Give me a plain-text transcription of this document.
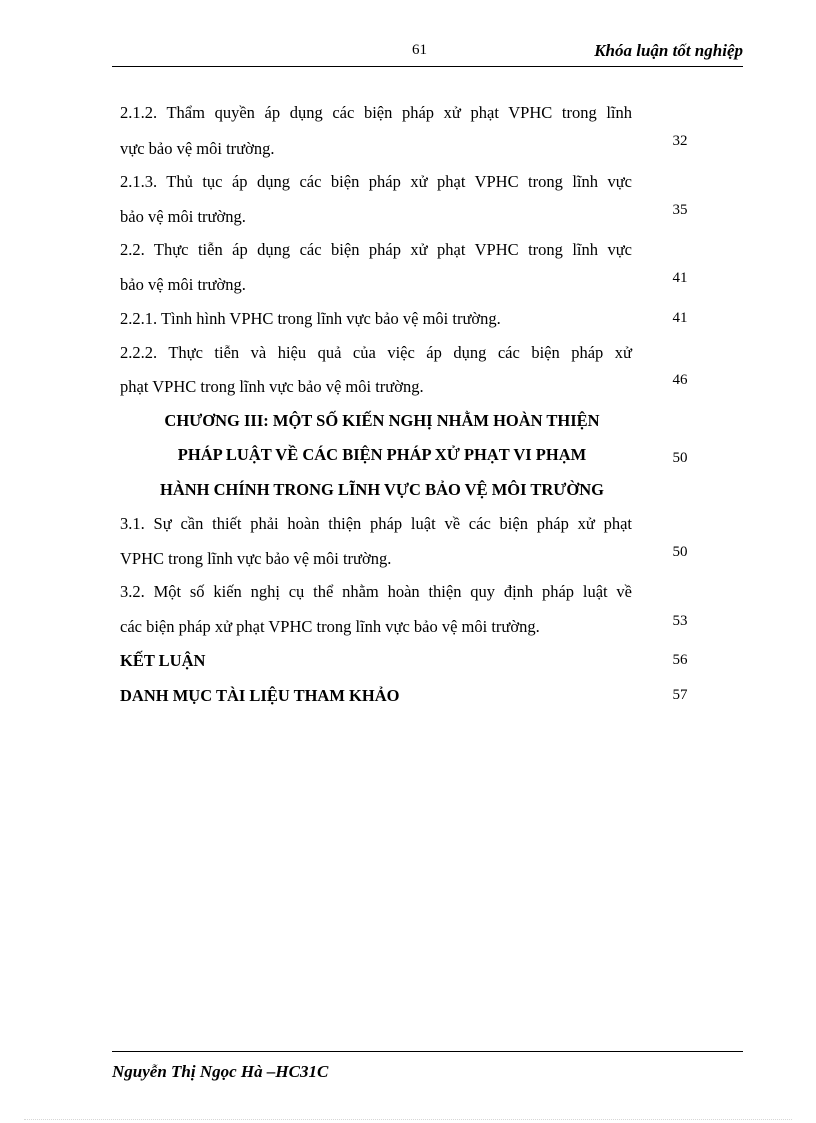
61	Khóa luận tốt nghiệp
2.1.2. Thẩm quyền áp dụng các biện pháp xử phạt VPHC trong lĩnh
vực bảo vệ môi trường.	32
2.1.3. Thủ tục áp dụng các biện pháp xử phạt VPHC trong lĩnh vực
bảo vệ môi trường.	35
2.2. Thực tiễn áp dụng các biện pháp xử phạt VPHC trong lĩnh vực
bảo vệ môi trường.	41
2.2.1. Tình hình VPHC trong lĩnh vực bảo vệ môi trường.	41
2.2.2. Thực tiễn và hiệu quả của việc áp dụng các biện pháp xử
phạt VPHC trong lĩnh vực bảo vệ môi trường.	46
CHƯƠNG III: MỘT SỐ KIẾN NGHỊ NHẰM HOÀN THIỆN
PHÁP LUẬT VỀ CÁC BIỆN PHÁP XỬ PHẠT VI PHẠM
HÀNH CHÍNH TRONG LĨNH VỰC BẢO VỆ MÔI TRƯỜNG
50
3.1. Sự cần thiết phải hoàn thiện pháp luật về các biện pháp xử phạt
VPHC trong lĩnh vực bảo vệ môi trường.	50
3.2. Một số kiến nghị cụ thể nhằm hoàn thiện quy định pháp luật về
các biện pháp xử phạt VPHC trong lĩnh vực bảo vệ môi trường.	53
KẾT LUẬN	56
DANH MỤC TÀI LIỆU THAM KHẢO	57
Nguyễn Thị Ngọc Hà –HC31C
